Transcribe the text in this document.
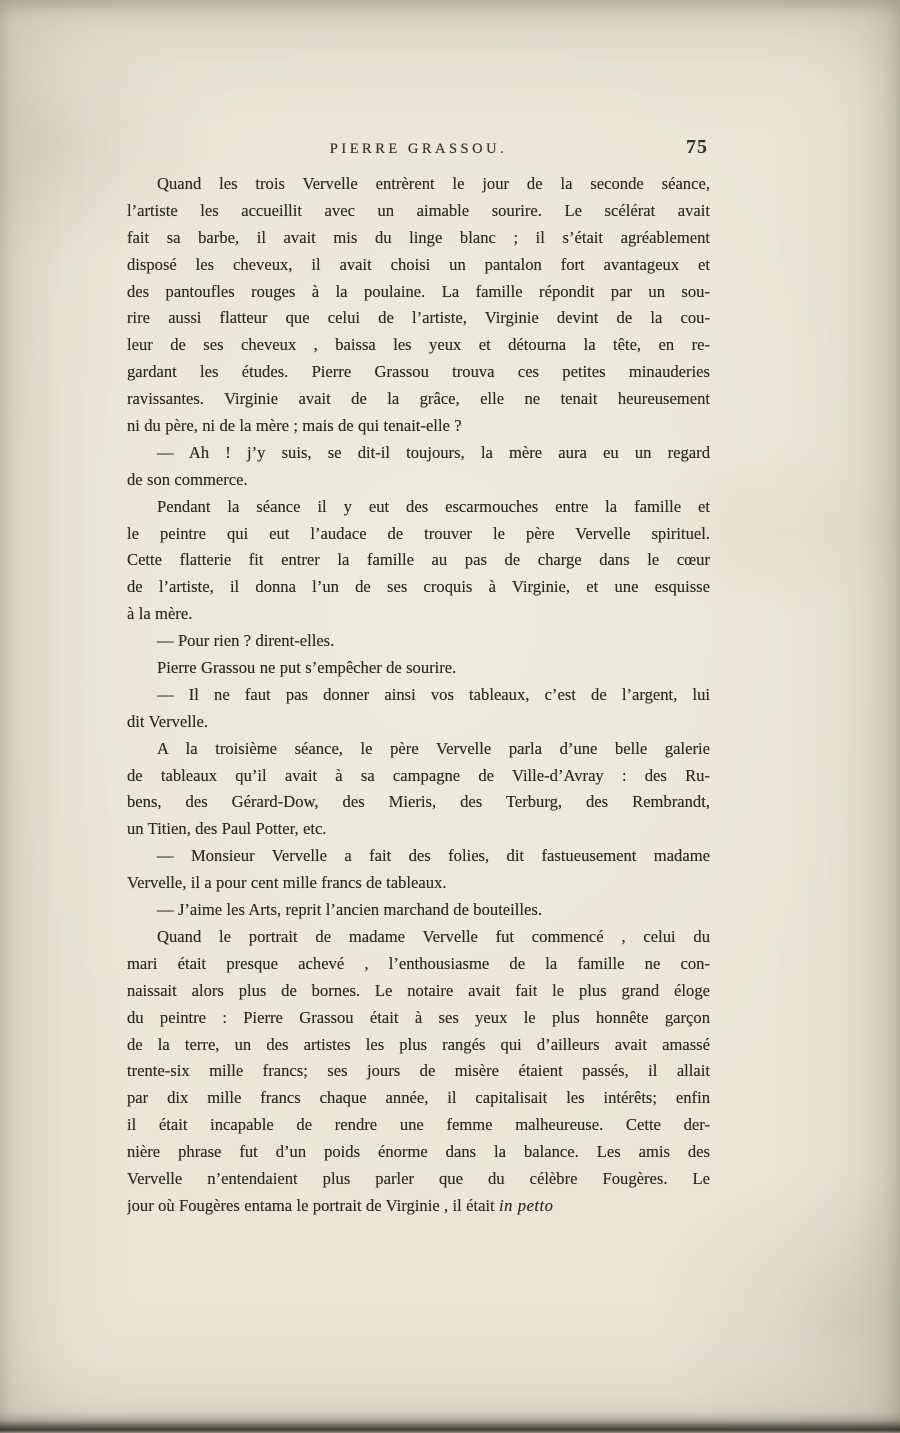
PIERRE GRASSOU.	75
Quand les trois Vervelle entrèrent le jour de la seconde séance,
l’artiste les accueillit avec un aimable sourire. Le scélérat avait
fait sa barbe, il avait mis du linge blanc ; il s’était agréablement
disposé les cheveux, il avait choisi un pantalon fort avantageux et
des pantoufles rouges à la poulaine. La famille répondit par un sou-
rire aussi flatteur que celui de l’artiste, Virginie devint de la cou-
leur de ses cheveux , baissa les yeux et détourna la tête, en re-
gardant les études. Pierre Grassou trouva ces petites minauderies
ravissantes. Virginie avait de la grâce, elle ne tenait heureusement
ni du père, ni de la mère ; mais de qui tenait-elle ?
— Ah ! j’y suis, se dit-il toujours, la mère aura eu un regard
de son commerce.
Pendant la séance il y eut des escarmouches entre la famille et
le peintre qui eut l’audace de trouver le père Vervelle spirituel.
Cette flatterie fit entrer la famille au pas de charge dans le cœur
de l’artiste, il donna l’un de ses croquis à Virginie, et une esquisse
à la mère.
— Pour rien ? dirent-elles.
Pierre Grassou ne put s’empêcher de sourire.
— Il ne faut pas donner ainsi vos tableaux, c’est de l’argent, lui
dit Vervelle.
A la troisième séance, le père Vervelle parla d’une belle galerie
de tableaux qu’il avait à sa campagne de Ville-d’Avray : des Ru-
bens, des Gérard-Dow, des Mieris, des Terburg, des Rembrandt,
un Titien, des Paul Potter, etc.
— Monsieur Vervelle a fait des folies, dit fastueusement madame
Vervelle, il a pour cent mille francs de tableaux.
— J’aime les Arts, reprit l’ancien marchand de bouteilles.
Quand le portrait de madame Vervelle fut commencé , celui du
mari était presque achevé , l’enthousiasme de la famille ne con-
naissait alors plus de bornes. Le notaire avait fait le plus grand éloge
du peintre : Pierre Grassou était à ses yeux le plus honnête garçon
de la terre, un des artistes les plus rangés qui d’ailleurs avait amassé
trente-six mille francs; ses jours de misère étaient passés, il allait
par dix mille francs chaque année, il capitalisait les intérêts; enfin
il était incapable de rendre une femme malheureuse. Cette der-
nière phrase fut d’un poids énorme dans la balance. Les amis des
Vervelle n’entendaient plus parler que du célèbre Fougères. Le
jour où Fougères entama le portrait de Virginie , il était in petto
